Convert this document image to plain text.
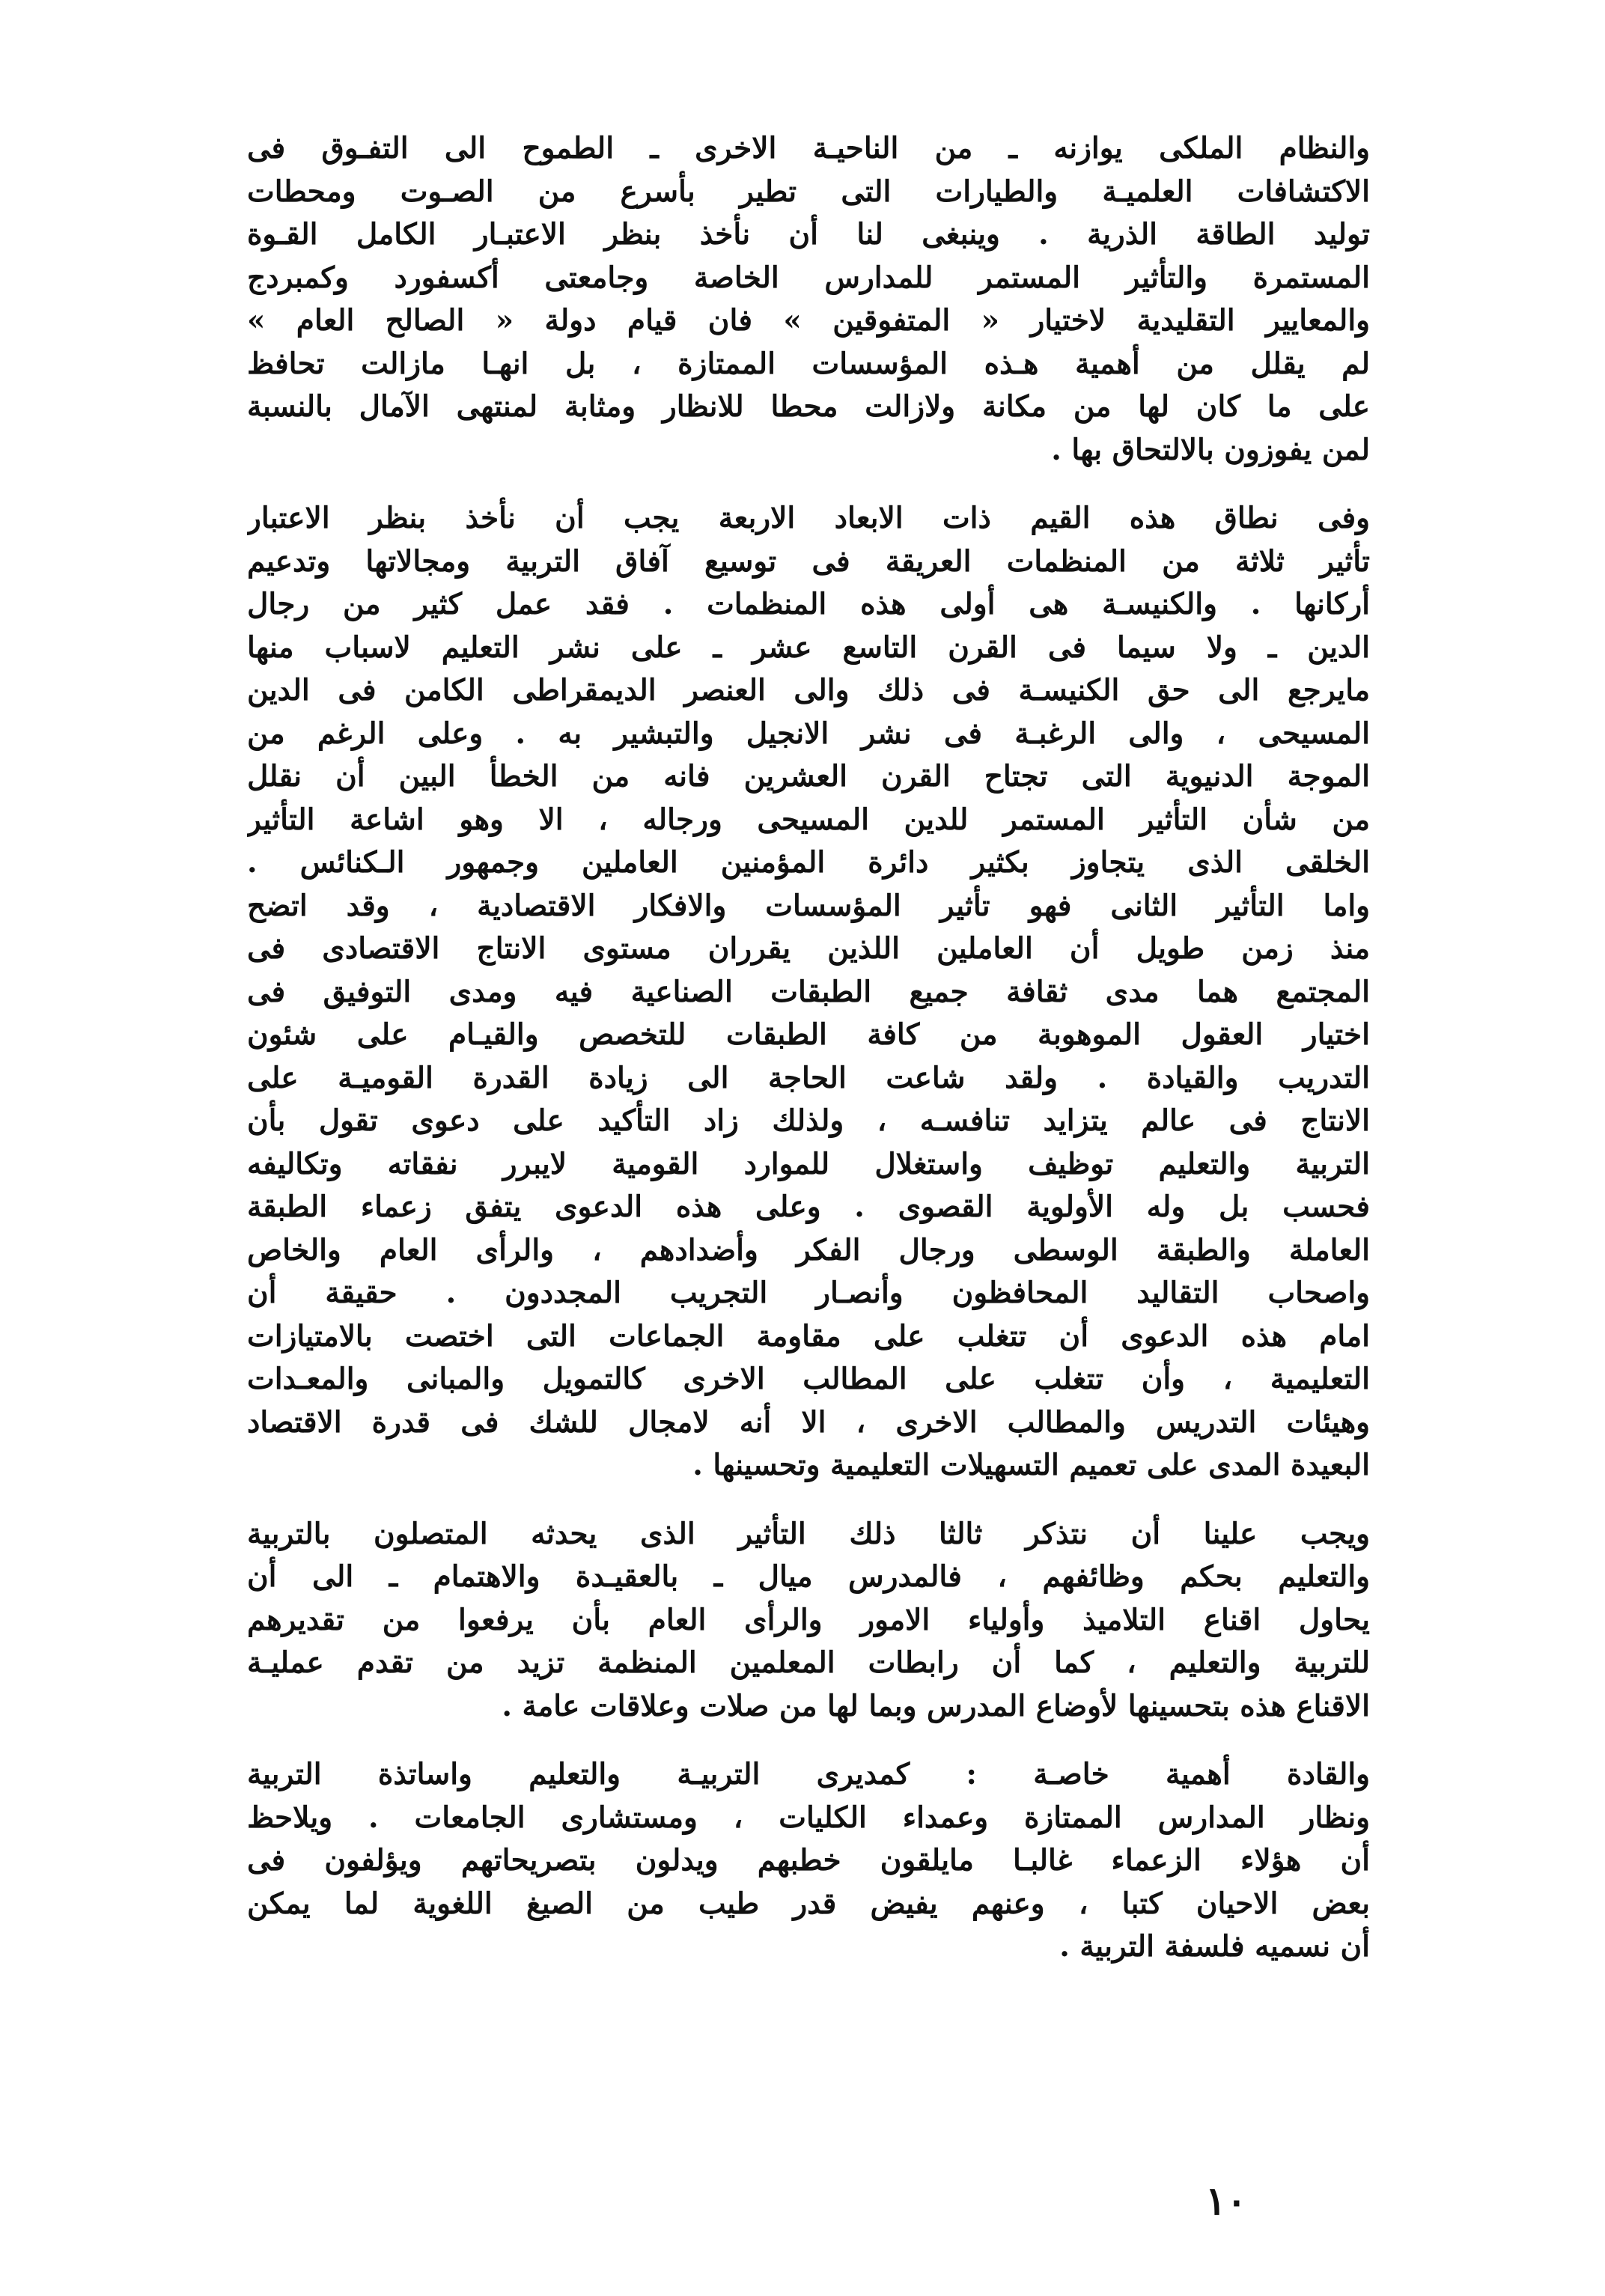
والنظام الملكى يوازنه ـ من الناحيـة الاخرى ـ الطموح الى التفـوق فى
الاكتشافات العلميـة والطيارات التى تطير بأسرع من الصـوت ومحطات
توليد الطاقة الذرية . وينبغى لنا أن نأخذ بنظر الاعتبـار الكامل القـوة
المستمرة والتأثير المستمر للمدارس الخاصة وجامعتى أكسفورد وكمبردج
والمعايير التقليدية لاختيار « المتفوقين » فان قيام دولة « الصالح العام »
لم يقلل من أهمية هـذه المؤسسات الممتازة ، بل انهـا مازالت تحافظ
على ما كان لها من مكانة ولازالت محطا للانظار ومثابة لمنتهى الآمال بالنسبة
لمن يفوزون بالالتحاق بها .
وفى نطاق هذه القيم ذات الابعاد الاربعة يجب أن نأخذ بنظر الاعتبار
تأثير ثلاثة من المنظمات العريقة فى توسيع آفاق التربية ومجالاتها وتدعيم
أركانها . والكنيسـة هى أولى هذه المنظمات . فقد عمل كثير من رجال
الدين ـ ولا سيما فى القرن التاسع عشر ـ على نشر التعليم لاسباب منها
مايرجع الى حق الكنيسـة فى ذلك والى العنصر الديمقراطى الكامن فى الدين
المسيحى ، والى الرغبـة فى نشر الانجيل والتبشير به . وعلى الرغم من
الموجة الدنيوية التى تجتاح القرن العشرين فانه من الخطأ البين أن نقلل
من شأن التأثير المستمر للدين المسيحى ورجاله ، الا وهو اشاعة التأثير
الخلقى الذى يتجاوز بكثير دائرة المؤمنين العاملين وجمهور الـكنائس .
واما التأثير الثانى فهو تأثير المؤسسات والافكار الاقتصادية ، وقد اتضح
منذ زمن طويل أن العاملين اللذين يقرران مستوى الانتاج الاقتصادى فى
المجتمع هما مدى ثقافة جميع الطبقات الصناعية فيه ومدى التوفيق فى
اختيار العقول الموهوبة من كافة الطبقات للتخصص والقيـام على شئون
التدريب والقيادة . ولقد شاعت الحاجة الى زيادة القدرة القوميـة على
الانتاج فى عالم يتزايد تنافسـه ، ولذلك زاد التأكيد على دعوى تقول بأن
التربية والتعليم توظيف واستغلال للموارد القومية لايبرر نفقاته وتكاليفه
فحسب بل وله الأولوية القصوى . وعلى هذه الدعوى يتفق زعماء الطبقة
العاملة والطبقة الوسطى ورجال الفكر وأضدادهم ، والرأى العام والخاص
واصحاب التقاليد المحافظون وأنصـار التجريب المجددون . حقيقة أن
امام هذه الدعوى أن تتغلب على مقاومة الجماعات التى اختصت بالامتيازات
التعليمية ، وأن تتغلب على المطالب الاخرى كالتمويل والمبانى والمعـدات
وهيئات التدريس والمطالب الاخرى ، الا أنه لامجال للشك فى قدرة الاقتصاد
البعيدة المدى على تعميم التسهيلات التعليمية وتحسينها .
ويجب علينا أن نتذكر ثالثا ذلك التأثير الذى يحدثه المتصلون بالتربية
والتعليم بحكم وظائفهم ، فالمدرس ميال ـ بالعقيـدة والاهتمام ـ الى أن
يحاول اقناع التلاميذ وأولياء الامور والرأى العام بأن يرفعوا من تقديرهم
للتربية والتعليم ، كما أن رابطات المعلمين المنظمة تزيد من تقدم عمليـة
الاقناع هذه بتحسينها لأوضاع المدرس وبما لها من صلات وعلاقات عامة .
والقادة أهمية خاصـة : كمديرى التربيـة والتعليم واساتذة التربية
ونظار المدارس الممتازة وعمداء الكليات ، ومستشارى الجامعات . ويلاحظ
أن هؤلاء الزعماء غالبـا مايلقون خطبهم ويدلون بتصريحاتهم ويؤلفون فى
بعض الاحيان كتبا ، وعنهم يفيض قدر طيب من الصيغ اللغوية لما يمكن
أن نسميه فلسفة التربية .
١٠
